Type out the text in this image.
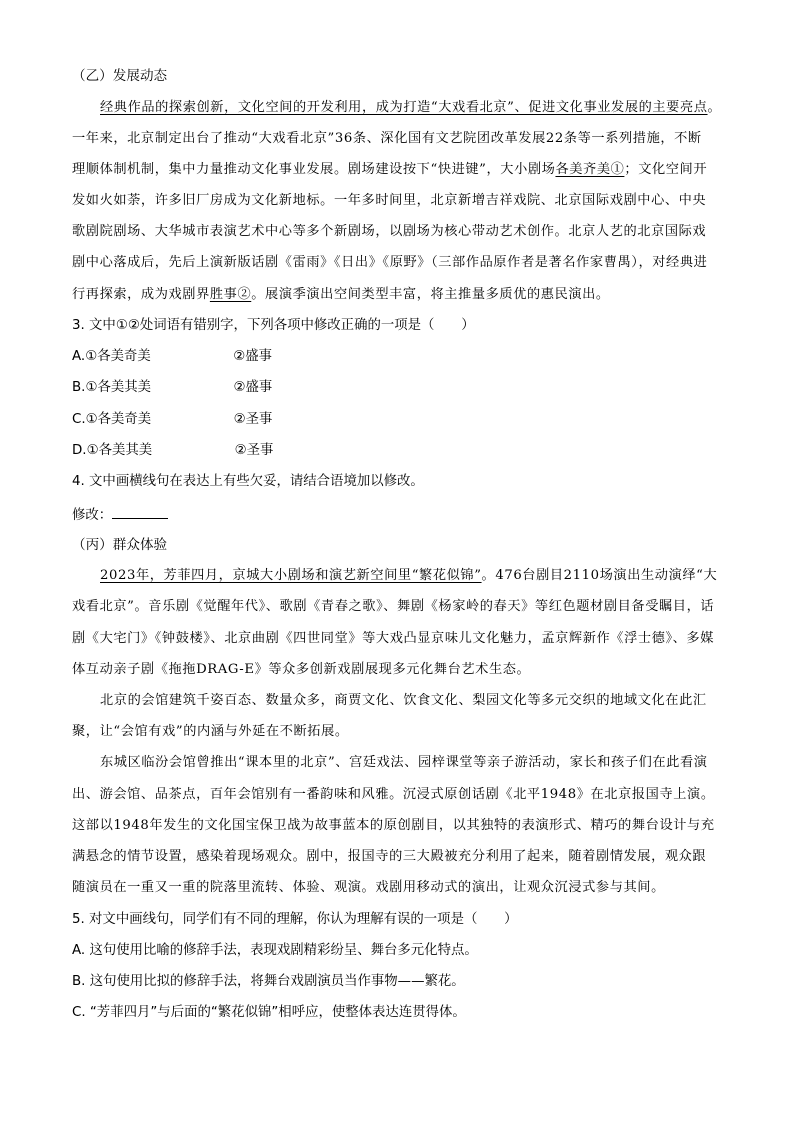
（乙）发展动态
经典作品的探索创新，文化空间的开发利用，成为打造“大戏看北京”、促进文化事业发展的主要亮点。
一年来，北京制定出台了推动“大戏看北京”36条、深化国有文艺院团改革发展22条等一系列措施，不断
理顺体制机制，集中力量推动文化事业发展。剧场建设按下“快进键”，大小剧场各美齐美①；文化空间开
发如火如荼，许多旧厂房成为文化新地标。一年多时间里，北京新增吉祥戏院、北京国际戏剧中心、中央
歌剧院剧场、大华城市表演艺术中心等多个新剧场，以剧场为核心带动艺术创作。北京人艺的北京国际戏
剧中心落成后，先后上演新版话剧《雷雨》《日出》《原野》（三部作品原作者是著名作家曹禺），对经典进
行再探索，成为戏剧界胜事②。展演季演出空间类型丰富，将主推量多质优的惠民演出。
3. 文中①②处词语有错别字，下列各项中修改正确的一项是（　　）
A.①各美奇美	②盛事
B.①各美其美	②盛事
C.①各美奇美	②圣事
D.①各美其美	②圣事
4. 文中画横线句在表达上有些欠妥，请结合语境加以修改。
修改：
（丙）群众体验
2023年，芳菲四月，京城大小剧场和演艺新空间里“繁花似锦”。476台剧目2110场演出生动演绎“大
戏看北京”。音乐剧《觉醒年代》、歌剧《青春之歌》、舞剧《杨家岭的春天》等红色题材剧目备受瞩目，话
剧《大宅门》《钟鼓楼》、北京曲剧《四世同堂》等大戏凸显京味儿文化魅力，孟京辉新作《浮士德》、多媒
体互动亲子剧《拖拖DRAG-E》等众多创新戏剧展现多元化舞台艺术生态。
北京的会馆建筑千姿百态、数量众多，商贾文化、饮食文化、梨园文化等多元交织的地域文化在此汇
聚，让“会馆有戏”的内涵与外延在不断拓展。
东城区临汾会馆曾推出“课本里的北京”、宫廷戏法、园梓课堂等亲子游活动，家长和孩子们在此看演
出、游会馆、品茶点，百年会馆别有一番韵味和风雅。沉浸式原创话剧《北平1948》在北京报国寺上演。
这部以1948年发生的文化国宝保卫战为故事蓝本的原创剧目，以其独特的表演形式、精巧的舞台设计与充
满悬念的情节设置，感染着现场观众。剧中，报国寺的三大殿被充分利用了起来，随着剧情发展，观众跟
随演员在一重又一重的院落里流转、体验、观演。戏剧用移动式的演出，让观众沉浸式参与其间。
5. 对文中画线句，同学们有不同的理解，你认为理解有误的一项是（　　）
A. 这句使用比喻的修辞手法，表现戏剧精彩纷呈、舞台多元化特点。
B. 这句使用比拟的修辞手法，将舞台戏剧演员当作事物——繁花。
C. “芳菲四月”与后面的“繁花似锦”相呼应，使整体表达连贯得体。
